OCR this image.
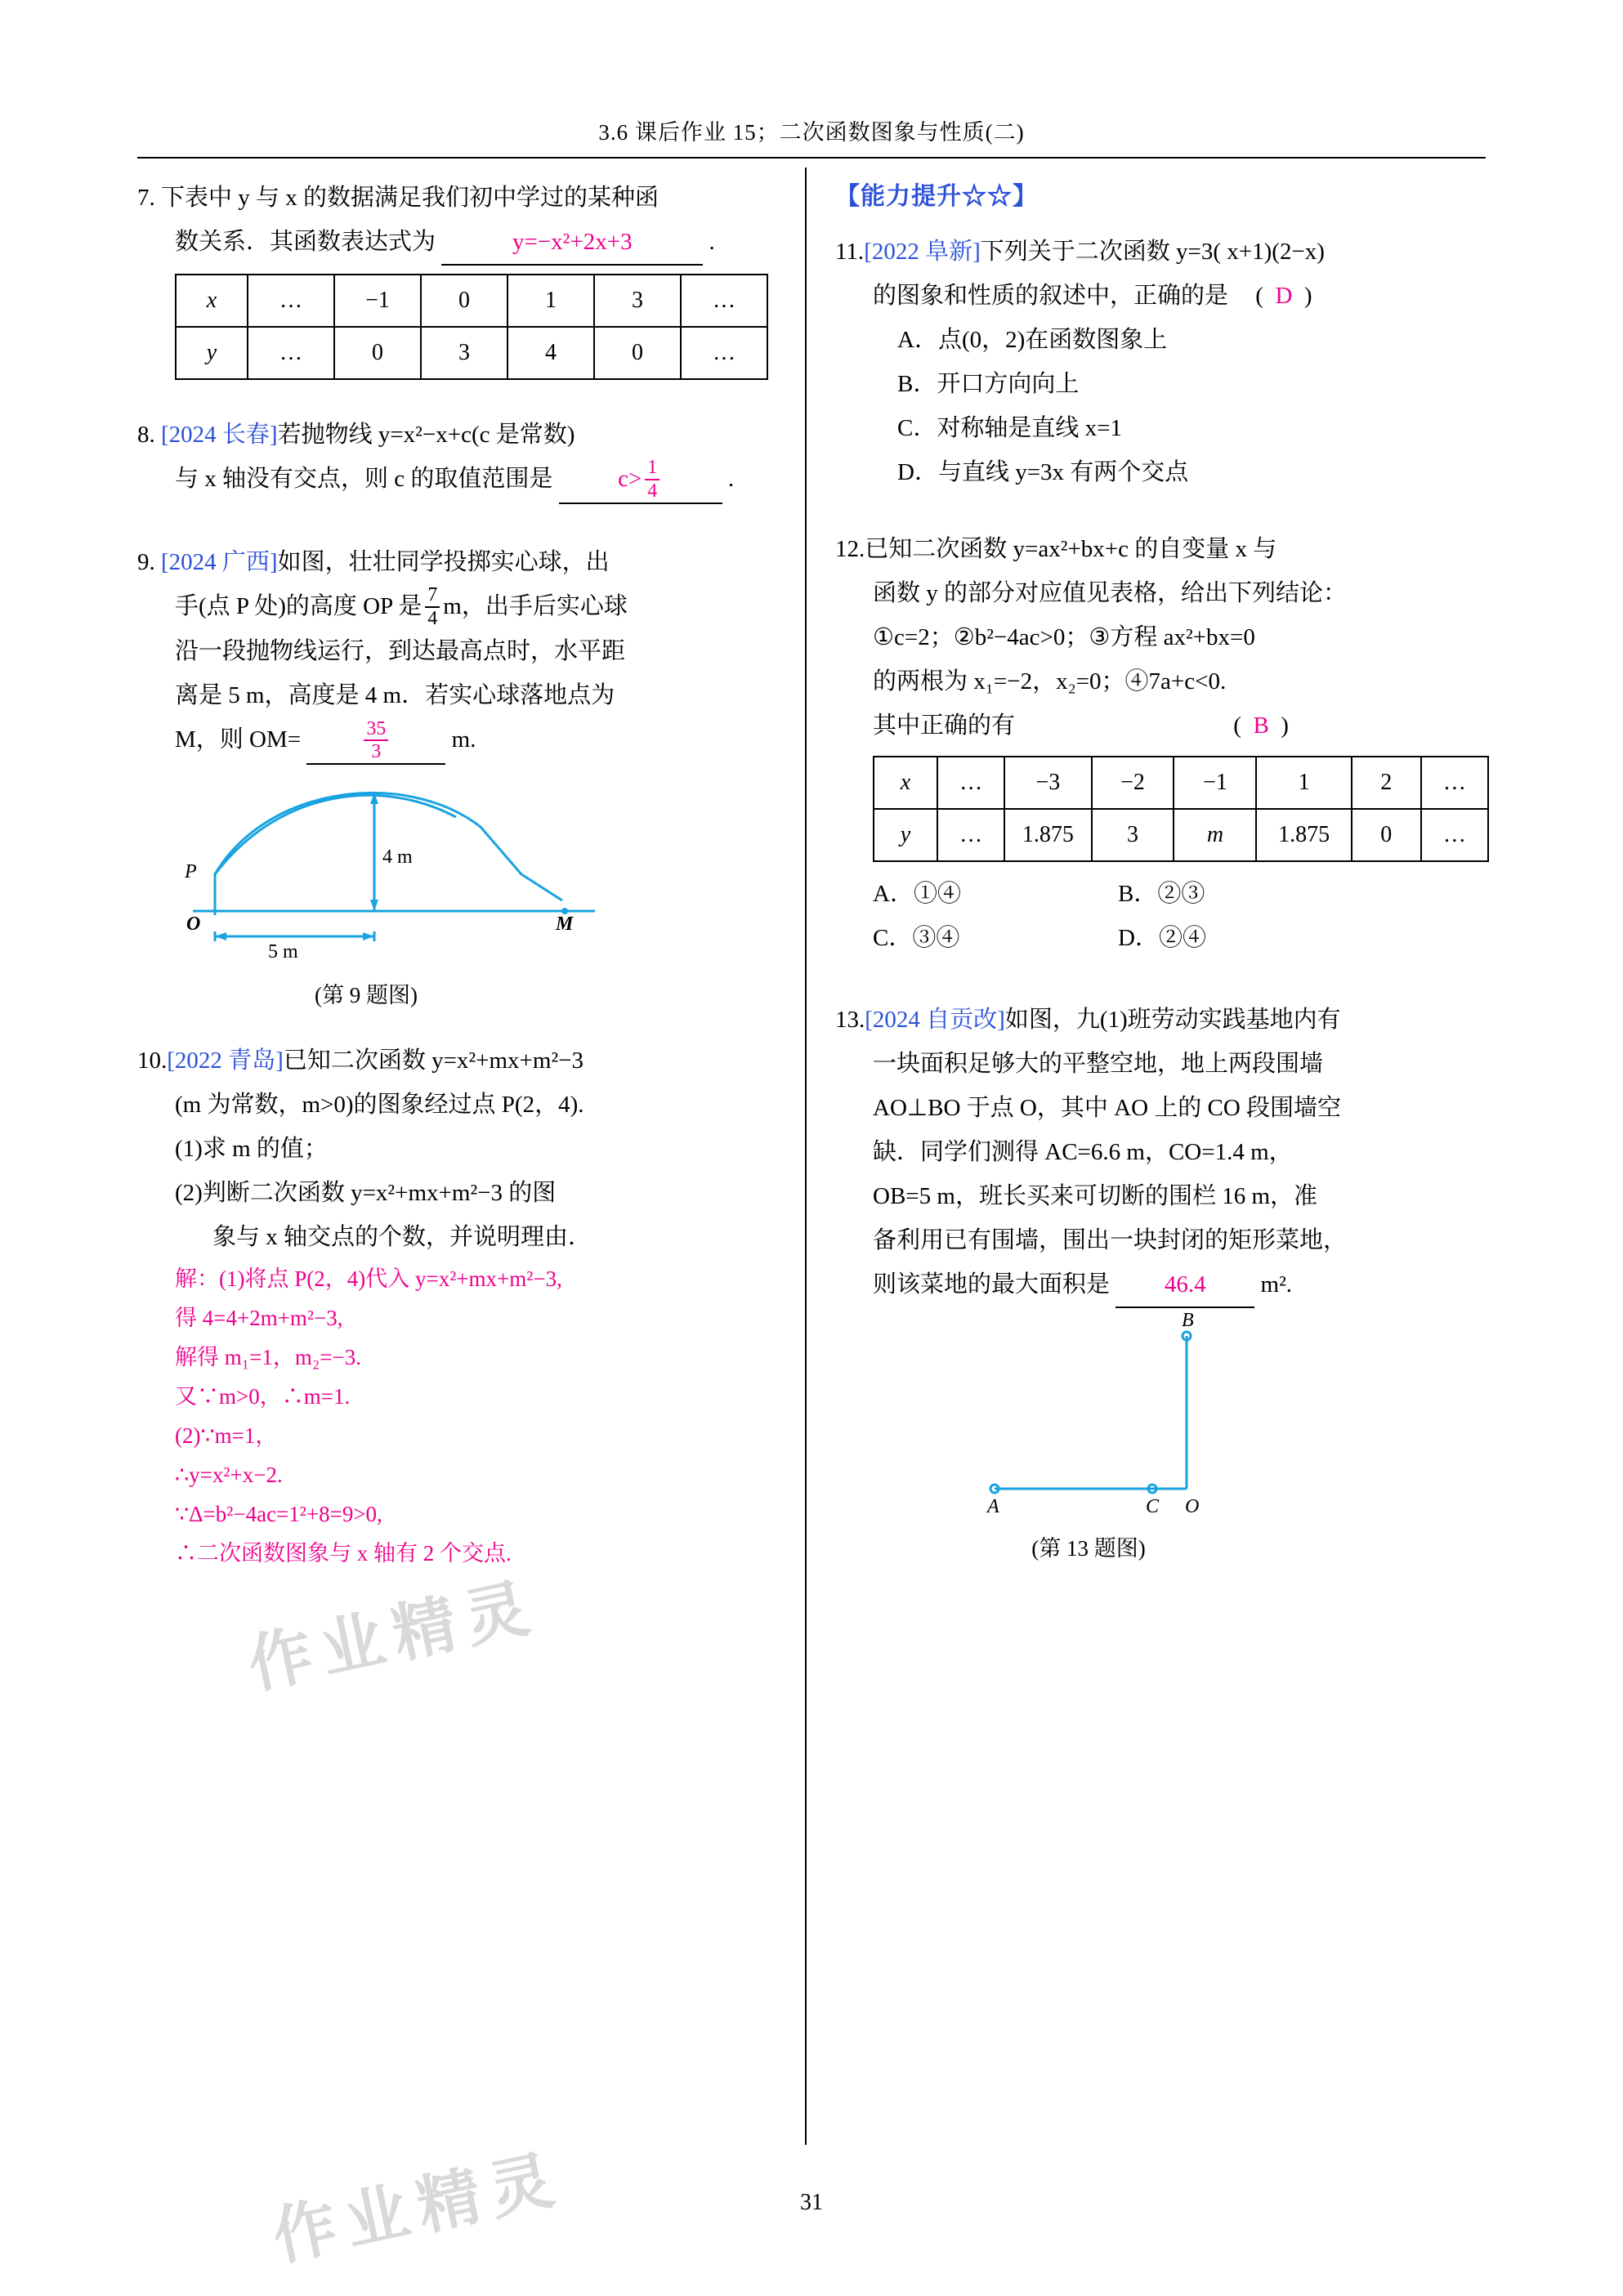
3.6 课后作业 15；二次函数图象与性质(二)
7. 下表中 y 与 x 的数据满足我们初中学过的某种函
数关系．其函数表达式为	y=−x²+2x+3	.
x	…	−1	0	1	3	…
y	…	0	3	4	0	…
8. [2024 长春]若抛物线 y=x²−x+c(c 是常数)
与 x 轴没有交点，则 c 的取值范围是	$c> \frac{1}{4}$	.
9. [2024 广西]如图，壮壮同学投掷实心球，出
手(点 P 处)的高度 OP 是 $\frac{7}{4}$ m，出手后实心球
沿一段抛物线运行，到达最高点时，水平距
离是 5 m，高度是 4 m．若实心球落地点为
M，则 OM=	$\frac{35}{3}$	m.
P
O	M
4 m
5 m
(第 9 题图)
10.[2022 青岛]已知二次函数 y=x²+mx+m²−3
(m 为常数，m>0)的图象经过点 P(2，4).
(1)求 m 的值；
(2)判断二次函数 y=x²+mx+m²−3 的图
象与 x 轴交点的个数，并说明理由．
解：(1)将点 P(2，4)代入 y=x²+mx+m²−3,
得 4=4+2m+m²−3,
解得 m₁=1，m₂=−3.
又∵m>0，∴m=1.
(2)∵m=1，
∴y=x²+x−2.
∵Δ=b²−4ac=1²+8=9>0,
∴二次函数图象与 x 轴有 2 个交点.
【能力提升☆☆】
11.[2022 阜新]下列关于二次函数 y=3( x+1)(2−x)
的图象和性质的叙述中，正确的是 (  D  )
A．点(0，2)在函数图象上
B．开口方向向上
C．对称轴是直线 x=1
D．与直线 y=3x 有两个交点
12.已知二次函数 y=ax²+bx+c 的自变量 x 与
函数 y 的部分对应值见表格，给出下列结论：
①c=2；②b²−4ac>0；③方程 ax²+bx=0
的两根为 x₁=−2，x₂=0；④7a+c<0.
其中正确的有	(  B  )
x	…	−3	−2	−1	1	2	…
y	…	1.875	3	m	1.875	0	…
A．①④	B．②③
C．③④	D．②④
13.[2024 自贡改]如图，九(1)班劳动实践基地内有
一块面积足够大的平整空地，地上两段围墙
AO⊥BO 于点 O，其中 AO 上的 CO 段围墙空
缺．同学们测得 AC=6.6 m，CO=1.4 m，
OB=5 m，班长买来可切断的围栏 16 m，准
备利用已有围墙，围出一块封闭的矩形菜地，
则该菜地的最大面积是 46.4 m².
A	C O
B
(第 13 题图)
作业精灵
作业精灵	31
